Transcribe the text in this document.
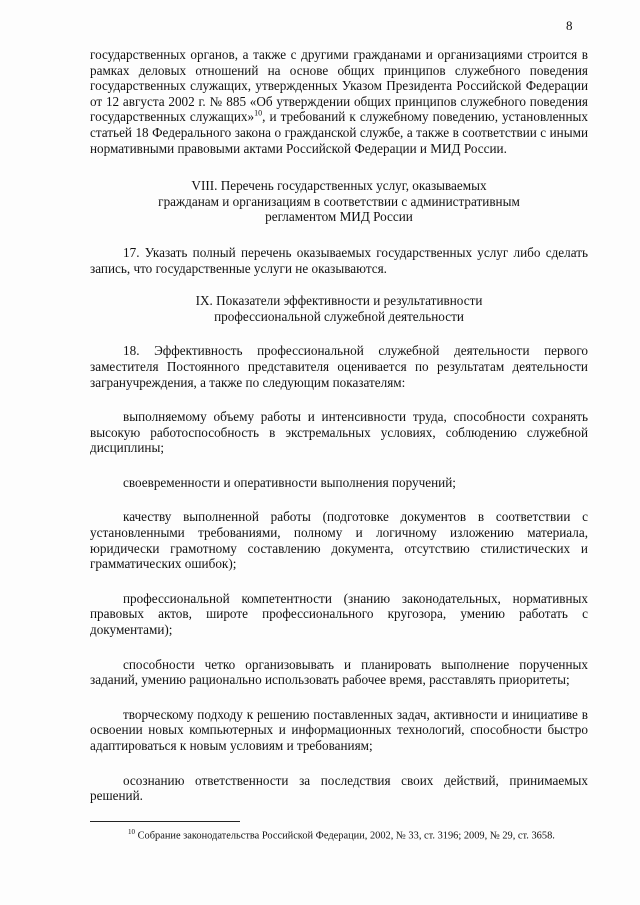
8

государственных органов, а также с другими гражданами и организациями строится в рамках деловых отношений на основе общих принципов служебного поведения государственных служащих, утвержденных Указом Президента Российской Федерации от 12 августа 2002 г. № 885 «Об утверждении общих принципов служебного поведения государственных служащих»$^{10}$, и требований к служебному поведению, установленных статьей 18 Федерального закона о гражданской службе, а также в соответствии с иными нормативными правовыми актами Российской Федерации и МИД России.

VIII. Перечень государственных услуг, оказываемых

гражданам и организациям в соответствии с административным

регламентом МИД России

17. Указать полный перечень оказываемых государственных услуг либо сделать запись, что государственные услуги не оказываются.

IX. Показатели эффективности и результативности

профессиональной служебной деятельности

18. Эффективность профессиональной служебной деятельности первого заместителя Постоянного представителя оценивается по результатам деятельности загранучреждения, а также по следующим показателям:

выполняемому объему работы и интенсивности труда, способности сохранять высокую работоспособность в экстремальных условиях, соблюдению служебной дисциплины;

своевременности и оперативности выполнения поручений;

качеству выполненной работы (подготовке документов в соответствии с установленными требованиями, полному и логичному изложению материала, юридически грамотному составлению документа, отсутствию стилистических и грамматических ошибок);

профессиональной компетентности (знанию законодательных, нормативных правовых актов, широте профессионального кругозора, умению работать с документами);

способности четко организовывать и планировать выполнение порученных заданий, умению рационально использовать рабочее время, расставлять приоритеты;

творческому подходу к решению поставленных задач, активности и инициативе в освоении новых компьютерных и информационных технологий, способности быстро адаптироваться к новым условиям и требованиям;

осознанию ответственности за последствия своих действий, принимаемых решений.

$^{10}$ Собрание законодательства Российской Федерации, 2002, № 33, ст. 3196; 2009, № 29, ст. 3658.
